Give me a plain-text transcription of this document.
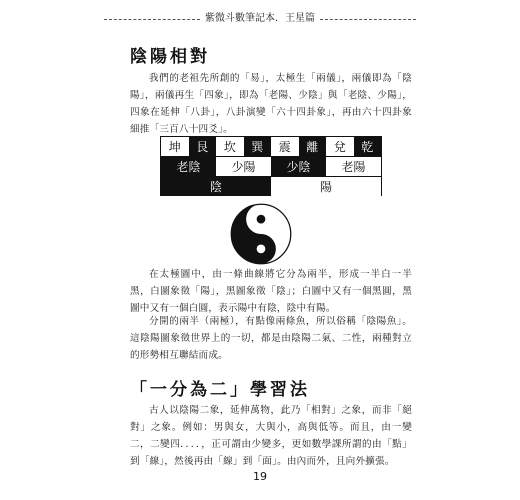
紫微斗數筆記本．王星篇
陰陽相對
我們的老祖先所創的「易」，太極生「兩儀」，兩儀即為「陰陽」，兩儀再生「四象」，即為「老陽、少陰」與「老陰、少陽」，四象在延伸「八卦」，八卦演變「六十四卦象」，再由六十四卦象細推「三百八十四爻」。
坤	艮	坎	巽	震	離	兌	乾
老陰	少陽	少陰	老陽
陰	陽
在太極圖中，由一條曲線將它分為兩半，形成一半白一半黑，白圖象徵「陽」，黑圖象徵「陰」；白圖中又有一個黑圓，黑圖中又有一個白圓，表示陽中有陰，陰中有陽。
分開的兩半（兩極），有點像兩條魚，所以俗稱「陰陽魚」。這陰陽圖象徵世界上的一切，都是由陰陽二氣、二性，兩種對立的形勢相互聯結而成。
「一分為二」學習法
古人以陰陽二象，延伸萬物，此乃「相對」之象，而非「絕對」之象。例如：男與女，大與小，高與低等。而且，由一變二，二變四．．．．，正可謂由少變多，更如數學課所謂的由「點」到「線」，然後再由「線」到「面」。由內而外，且向外擴張。
19
